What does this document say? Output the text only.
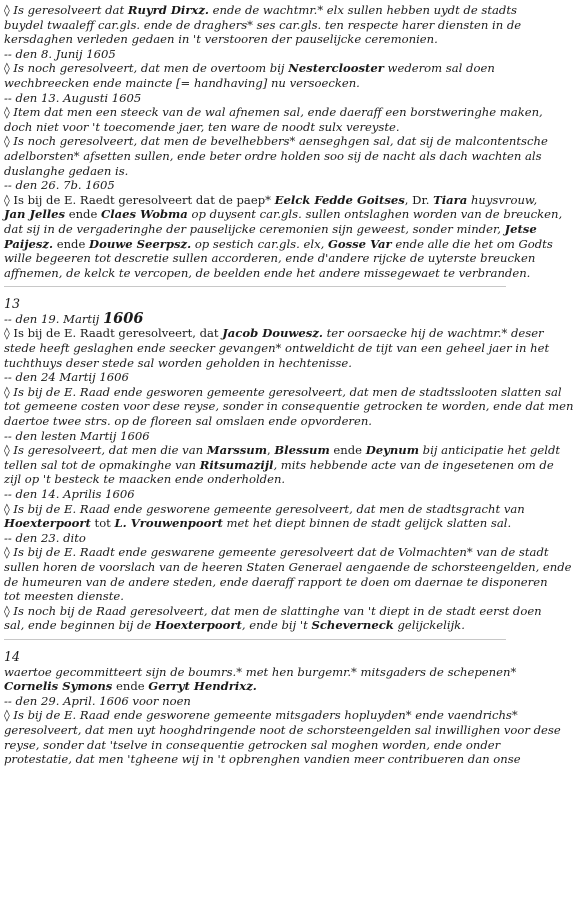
◊ Is geresolveert dat Ruyrd Dirxz. ende de wachtmr.* elx sullen hebben uydt de stadts
buydel twaaleff car.gls. ende de draghers* ses car.gls. ten respecte harer diensten in de
kersdaghen verleden gedaen in 't verstooren der pauselijcke ceremonien.
-- den 8. Junij 1605
◊ Is noch geresolveert, dat men de overtoom bij Nesterclooster wederom sal doen
wechbreecken ende maincte [= handhaving] nu versoecken.
-- den 13. Augusti 1605
◊ Item dat men een steeck van de wal afnemen sal, ende daeraff een borstweringhe maken,
doch niet voor 't toecomende jaer, ten ware de noodt sulx vereyste.
◊ Is noch geresolveert, dat men de bevelhebbers* aenseghgen sal, dat sij de malcontentsche
adelborsten* afsetten sullen, ende beter ordre holden soo sij de nacht als dach wachten als
duslanghe gedaen is.
-- den 26. 7b. 1605
◊ Is bij de E. Raedt geresolveert dat de paep* Eelck Fedde Goitses, Dr. Tiara huysvrouw,
Jan Jelles ende Claes Wobma op duysent car.gls. sullen ontslaghen worden van de breucken,
dat sij in de vergaderinghe der pauselijcke ceremonien sijn geweest, sonder minder, Jetse
Paijesz. ende Douwe Seerpsz. op sestich car.gls. elx, Gosse Var ende alle die het om Godts
wille begeeren tot descretie sullen accorderen, ende d'andere rijcke de uyterste breucken
affnemen, de kelck te vercopen, de beelden ende het andere missegewaet te verbranden.
13
-- den 19. Martij 1606
◊ Is bij de E. Raadt geresolveert, dat Jacob Douwesz. ter oorsaecke hij de wachtmr.* deser
stede heeft geslaghen ende seecker gevangen* ontweldicht de tijt van een geheel jaer in het
tuchthuys deser stede sal worden geholden in hechtenisse.
-- den 24 Martij 1606
◊ Is bij de E. Raad ende gesworen gemeente geresolveert, dat men de stadtsslooten slatten sal
tot gemeene costen voor dese reyse, sonder in consequentie getrocken te worden, ende dat men
daertoe twee strs. op de floreen sal omslaen ende opvorderen.
-- den lesten Martij 1606
◊ Is geresolveert, dat men die van Marssum, Blessum ende Deynum bij anticipatie het geldt
tellen sal tot de opmakinghe van Ritsumazijl, mits hebbende acte van de ingesetenen om de
zijl op 't besteck te maacken ende onderholden.
-- den 14. Aprilis 1606
◊ Is bij de E. Raad ende gesworene gemeente geresolveert, dat men de stadtsgracht van
Hoexterpoort tot L. Vrouwenpoort met het diept binnen de stadt gelijck slatten sal.
-- den 23. dito
◊ Is bij de E. Raadt ende geswarene gemeente geresolveert dat de Volmachten* van de stadt
sullen horen de voorslach van de heeren Staten Generael aengaende de schorsteengelden, ende
de humeuren van de andere steden, ende daeraff rapport te doen om daernae te disponeren
tot meesten dienste.
◊ Is noch bij de Raad geresolveert, dat men de slattinghe van 't diept in de stadt eerst doen
sal, ende beginnen bij de Hoexterpoort, ende bij 't Scheverneck gelijckelijk.
14
waertoe gecommitteert sijn de boumrs.* met hen burgemr.* mitsgaders de schepenen*
Cornelis Symons ende Gerryt Hendrixz.
-- den 29. April. 1606 voor noen
◊ Is bij de E. Raad ende gesworene gemeente mitsgaders hopluyden* ende vaendrichs*
geresolveert, dat men uyt hooghdringende noot de schorsteengelden sal inwillighen voor dese
reyse, sonder dat 'tselve in consequentie getrocken sal moghen worden, ende onder
protestatie, dat men 'tgheene wij in 't opbrenghen vandien meer contribueren dan onse
